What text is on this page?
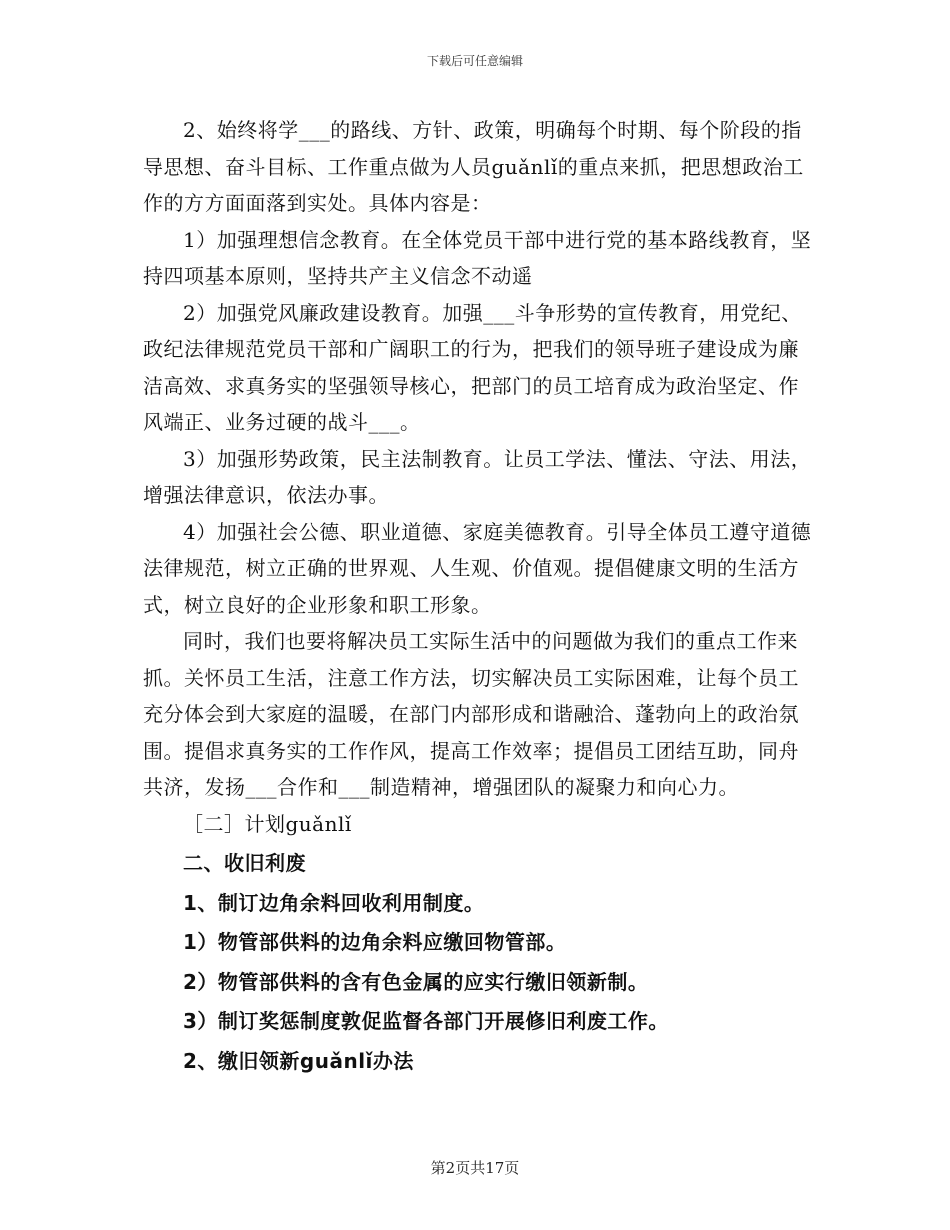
下载后可任意编辑

2、始终将学___的路线、方针、政策，明确每个时期、每个阶段的指导思想、奋斗目标、工作重点做为人员guǎnlǐ的重点来抓，把思想政治工作的方方面面落到实处。具体内容是：

1）加强理想信念教育。在全体党员干部中进行党的基本路线教育，坚持四项基本原则，坚持共产主义信念不动遥

2）加强党风廉政建设教育。加强___斗争形势的宣传教育，用党纪、政纪法律规范党员干部和广阔职工的行为，把我们的领导班子建设成为廉洁高效、求真务实的坚强领导核心，把部门的员工培育成为政治坚定、作风端正、业务过硬的战斗___。

3）加强形势政策，民主法制教育。让员工学法、懂法、守法、用法，增强法律意识，依法办事。

4）加强社会公德、职业道德、家庭美德教育。引导全体员工遵守道德法律规范，树立正确的世界观、人生观、价值观。提倡健康文明的生活方式，树立良好的企业形象和职工形象。

同时，我们也要将解决员工实际生活中的问题做为我们的重点工作来抓。关怀员工生活，注意工作方法，切实解决员工实际困难，让每个员工充分体会到大家庭的温暖，在部门内部形成和谐融洽、蓬勃向上的政治氛围。提倡求真务实的工作作风，提高工作效率；提倡员工团结互助，同舟共济，发扬___合作和___制造精神，增强团队的凝聚力和向心力。

［二］计划guǎnlǐ

二、收旧利废

1、制订边角余料回收利用制度。

1）物管部供料的边角余料应缴回物管部。

2）物管部供料的含有色金属的应实行缴旧领新制。

3）制订奖惩制度敦促监督各部门开展修旧利废工作。

2、缴旧领新guǎnlǐ办法

第2页共17页
